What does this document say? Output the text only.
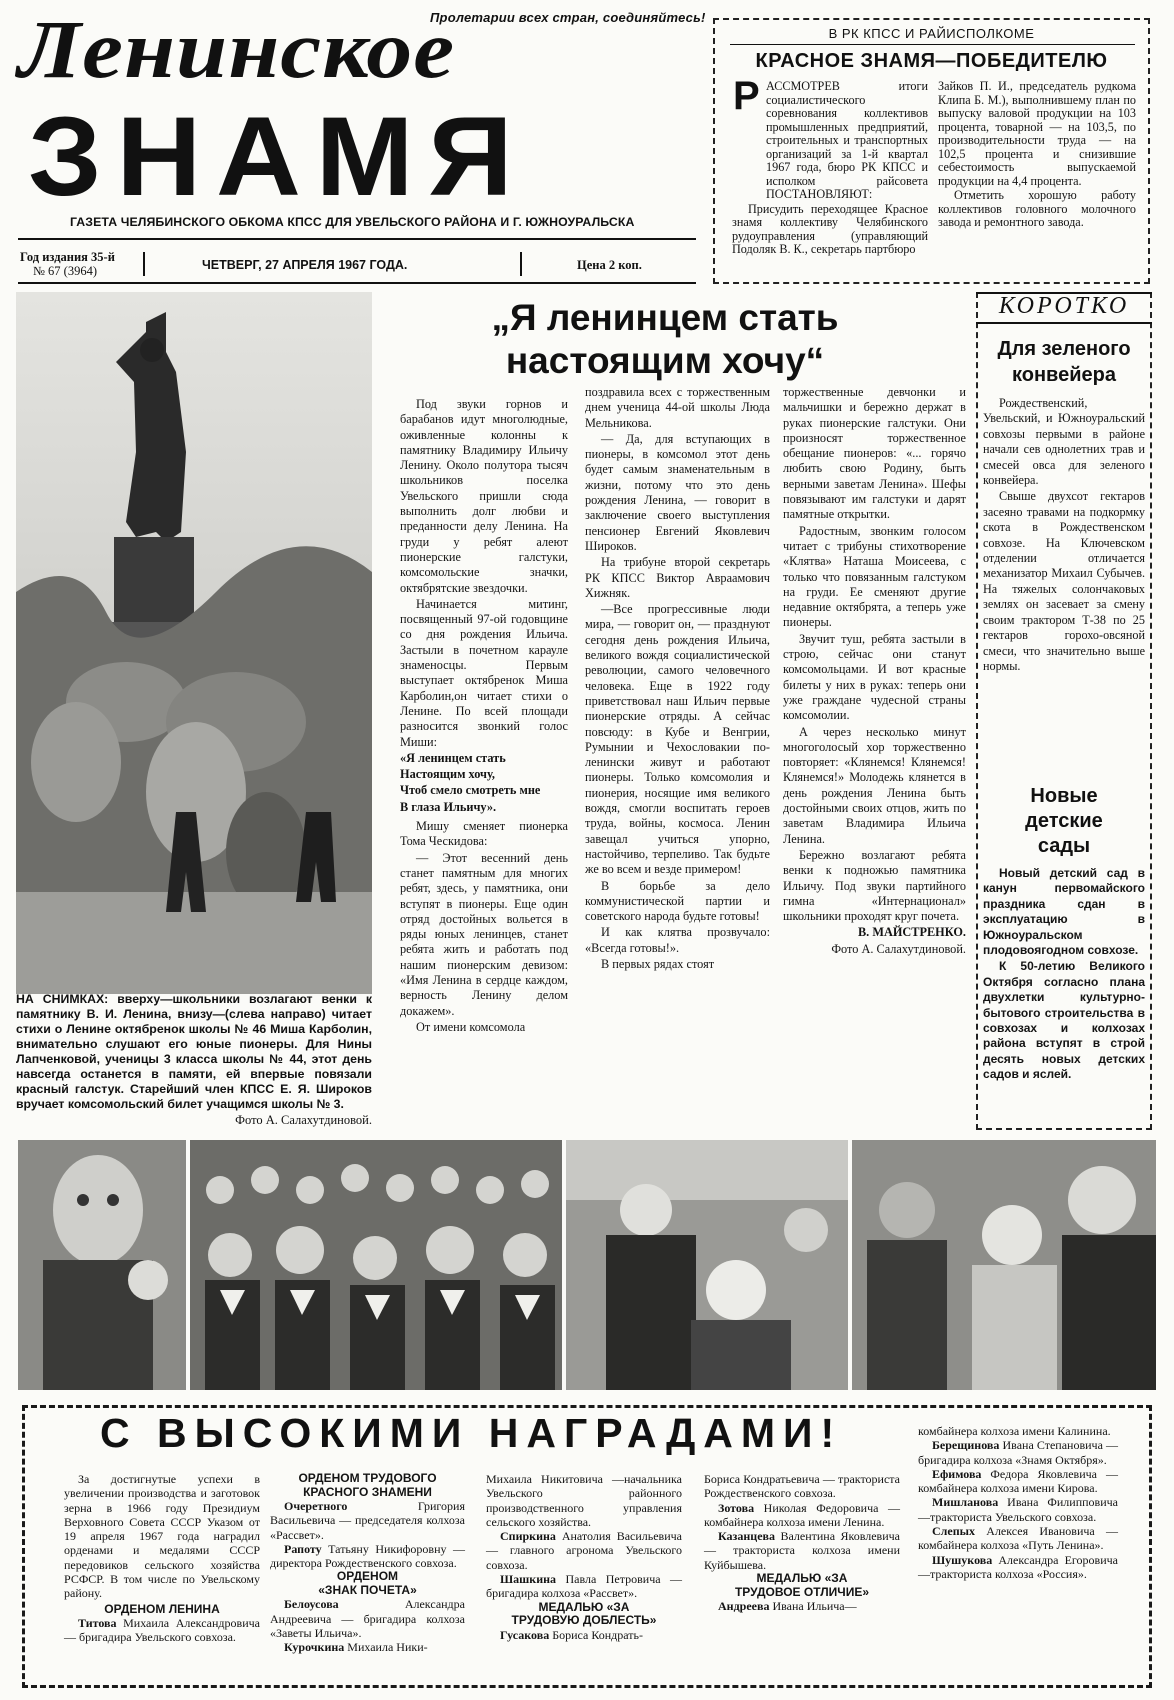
Пролетарии всех стран, соединяйтесь!
Ленинское
ЗНАМЯ
ГАЗЕТА ЧЕЛЯБИНСКОГО ОБКОМА КПСС ДЛЯ УВЕЛЬСКОГО РАЙОНА И Г. ЮЖНОУРАЛЬСКА
Год издания 35-й
№ 67 (3964)	ЧЕТВЕРГ, 27 АПРЕЛЯ 1967 ГОДА.	Цена 2 коп.
В РК КПСС И РАЙИСПОЛКОМЕ
КРАСНОЕ ЗНАМЯ—ПОБЕДИТЕЛЮ
Р АССМОТРЕВ итоги социалистического соревнования коллективов промышленных предприятий, строительных и транспортных организаций за 1-й квартал 1967 года, бюро РК КПСС и исполком райсовета ПОСТАНОВЛЯЮТ:

Присудить переходящее Красное знамя коллективу Челябинского рудоуправления (управляющий Подоляк В. К., секретарь партбюро

Зайков П. И., председатель рудкома Клипа Б. М.), выполнившему план по выпуску валовой продукции на 103 процента, товарной — на 103,5, по производительности труда — на 102,5 процента и снизившие себестоимость выпускаемой продукции на 4,4 процента.

Отметить хорошую работу коллективов головного молочного завода и ремонтного завода.

НА СНИМКАХ: вверху—школьники возлагают венки к памятнику В. И. Ленина, внизу—(слева направо) читает стихи о Ленине октябренок школы № 46 Миша Карболин, внимательно слушают его юные пионеры. Для Нины Лапченковой, ученицы 3 класса школы № 44, этот день навсегда останется в памяти, ей впервые повязали красный галстук. Старейший член КПСС Е. Я. Широков вручает комсомольский билет учащимся школы № 3.
Фото А. Салахутдиновой.
„Я ленинцем стать
настоящим хочу“

Под звуки горнов и барабанов идут многолюдные, оживленные колонны к памятнику Владимиру Ильичу Ленину. Около полутора тысяч школьников поселка Увельского пришли сюда выполнить долг любви и преданности делу Ленина. На груди у ребят алеют пионерские галстуки, комсомольские значки, октябрятские звездочки.

Начинается митинг, посвященный 97-ой годовщине со дня рождения Ильича. Застыли в почетном карауле знаменосцы. Первым выступает октябренок Миша Карболин,он читает стихи о Ленине. По всей площади разносится звонкий голос Миши:

«Я ленинцем стать

Настоящим хочу,

Чтоб смело смотреть мне

В глаза Ильичу».

Мишу сменяет пионерка Тома Ческидова:

— Этот весенний день станет памятным для многих ребят, здесь, у памятника, они вступят в пионеры. Еще один отряд достойных вольется в ряды юных ленинцев, станет ребята жить и работать под нашим пионерским девизом: «Имя Ленина в сердце каждом, верность Ленину делом докажем».

От имени комсомола

поздравила всех с торжественным днем ученица 44-ой школы Люда Мельникова.

— Да, для вступающих в пионеры, в комсомол этот день будет самым знаменательным в жизни, потому что это день рождения Ленина, — говорит в заключение своего выступления пенсионер Евгений Яковлевич Широков.

На трибуне второй секретарь РК КПСС Виктор Авраамович Хижняк.

—Все прогрессивные люди мира, — говорит он, — празднуют сегодня день рождения Ильича, великого вождя социалистической революции, самого человечного человека. Еще в 1922 году приветствовал наш Ильич первые пионерские отряды. А сейчас повсюду: в Кубе и Венгрии, Румынии и Чехословакии по-ленински живут и работают пионеры. Только комсомолия и пионерия, носящие имя великого вождя, смогли воспитать героев труда, войны, космоса. Ленин завещал учиться упорно, настойчиво, терпеливо. Так будьте же во всем и везде примером!

В борьбе за дело коммунистической партии и советского народа будьте готовы!

И как клятва прозвучало: «Всегда готовы!».

В первых рядах стоят

торжественные девчонки и мальчишки и бережно держат в руках пионерские галстуки. Они произносят торжественное обещание пионеров: «... горячо любить свою Родину, быть верными заветам Ленина». Шефы повязывают им галстуки и дарят памятные открытки.

Радостным, звонким голосом читает с трибуны стихотворение «Клятва» Наташа Моисеева, с только что повязанным галстуком на груди. Ее сменяют другие недавние октябрята, а теперь уже пионеры.

Звучит туш, ребята застыли в строю, сейчас они станут комсомольцами. И вот красные билеты у них в руках: теперь они уже граждане чудесной страны комсомолии.

А через несколько минут многоголосый хор торжественно повторяет: «Клянемся! Клянемся! Клянемся!» Молодежь клянется в день рождения Ленина быть достойными своих отцов, жить по заветам Владимира Ильича Ленина.

Бережно возлагают ребята венки к подножью памятника Ильичу. Под звуки партийного гимна «Интернационал» школьники проходят круг почета.

В. МАЙСТРЕНКО.

Фото А. Салахутдиновой.

КОРОТКО
Для зеленого
конвейера

Рождественский, Увельский, и Южноуральский совхозы первыми в районе начали сев однолетних трав и смесей овса для зеленого конвейера.

Свыше двухсот гектаров засеяно травами на подкормку скота в Рождественском совхозе. На Ключевском отделении отличается механизатор Михаил Субычев. На тяжелых солончаковых землях он засевает за смену своим трактором Т-38 по 25 гектаров горохо-овсяной смеси, что значительно выше нормы.

Новые
детские
сады

Новый детский сад в канун первомайского праздника сдан в эксплуатацию в Южноуральском плодовоягодном совхозе.

К 50-летию Великого Октября согласно плана двухлетки культурно-бытового строительства в совхозах и колхозах района вступят в строй десять новых детских садов и яслей.

С ВЫСОКИМИ НАГРАДАМИ!

За достигнутые успехи в увеличении производства и заготовок зерна в 1966 году Президиум Верховного Совета СССР Указом от 19 апреля 1967 года наградил орденами и медалями СССР передовиков сельского хозяйства РСФСР. В том числе по Увельскому району.

ОРДЕНОМ ЛЕНИНА

Титова Михаила Александровича — бригадира Увельского совхоза.

ОРДЕНОМ ТРУДОВОГО

КРАСНОГО ЗНАМЕНИ

Очеретного	Григория Васильевича — председателя колхоза «Рассвет».

Рапоту Татьяну Никифоровну — директора Рождественского совхоза.

ОРДЕНОМ

«ЗНАК ПОЧЕТА»

Белоусова	Александра Андреевича — бригадира колхоза «Заветы Ильича».

Курочкина Михаила Ники-

Михаила Никитовича —начальника Увельского районного производственного управления сельского хозяйства.

Спиркина Анатолия Васильевича — главного агронома Увельского совхоза.

Шашкина Павла Петровича — бригадира колхоза «Рассвет».

МЕДАЛЬЮ «ЗА

ТРУДОВУЮ ДОБЛЕСТЬ»

Гусакова Бориса Кондрать-

Бориса Кондратьевича — тракториста Рождественского совхоза.

Зотова Николая Федоровича — комбайнера колхоза имени Ленина.

Казанцева Валентина Яковлевича — тракториста колхоза имени Куйбышева.

МЕДАЛЬЮ «ЗА

ТРУДОВОЕ ОТЛИЧИЕ»

Андреева Ивана Ильича—

комбайнера колхоза имени Калинина.

Берещинова Ивана Степановича — бригадира колхоза «Знамя Октября».

Ефимова Федора Яковлевича — комбайнера колхоза имени Кирова.

Мишланова Ивана Филипповича —тракториста Увельского совхоза.

Слепых Алексея Ивановича — комбайнера колхоза «Путь Ленина».

Шушукова Александра Егоровича—тракториста колхоза «Россия».
